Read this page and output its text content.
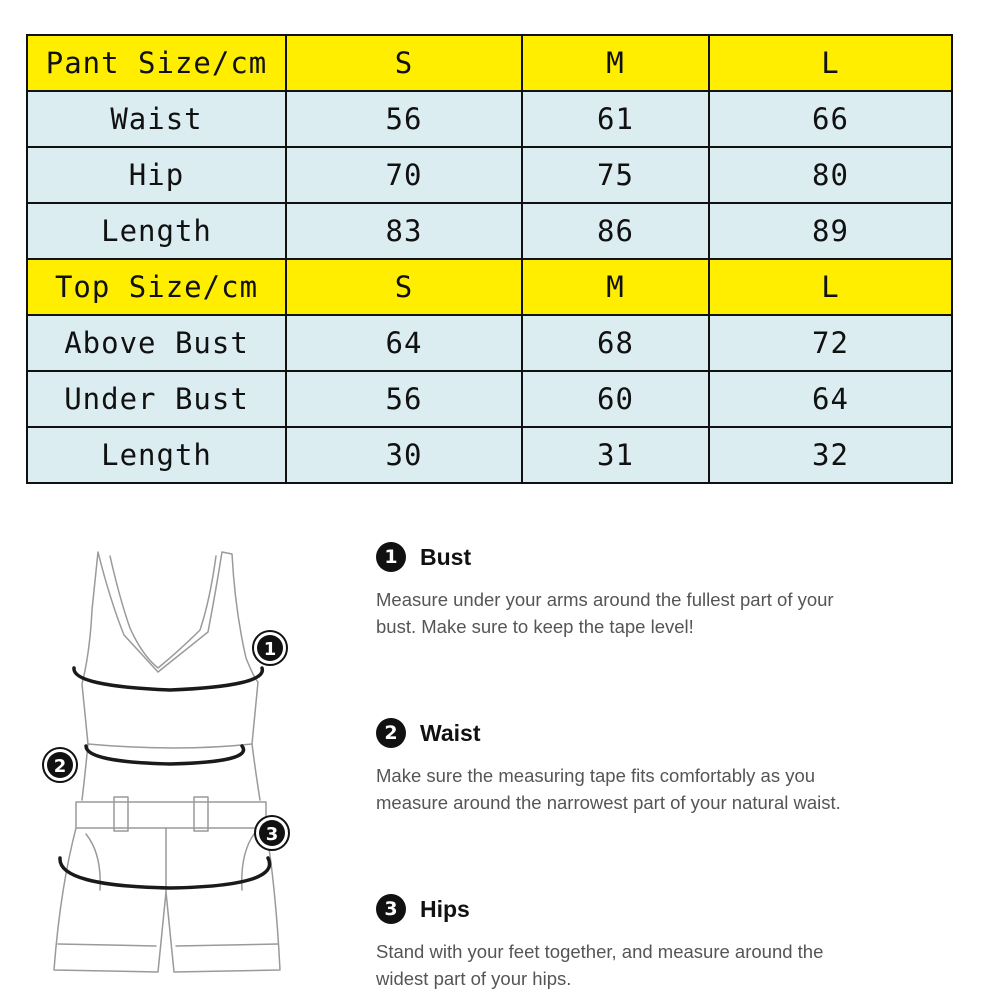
Pant Size/cm	S	M	L
Waist	56	61	66
Hip	70	75	80
Length	83	86	89
Top Size/cm	S	M	L
Above Bust	64	68	72
Under Bust	56	60	64
Length	30	31	32
1
2
3
1 Bust
Measure under your arms around the fullest part of your
bust. Make sure to keep the tape level!
2 Waist
Make sure the measuring tape fits comfortably as you
measure around the narrowest part of your natural waist.
3 Hips
Stand with your feet together, and measure around the
widest part of your hips.
